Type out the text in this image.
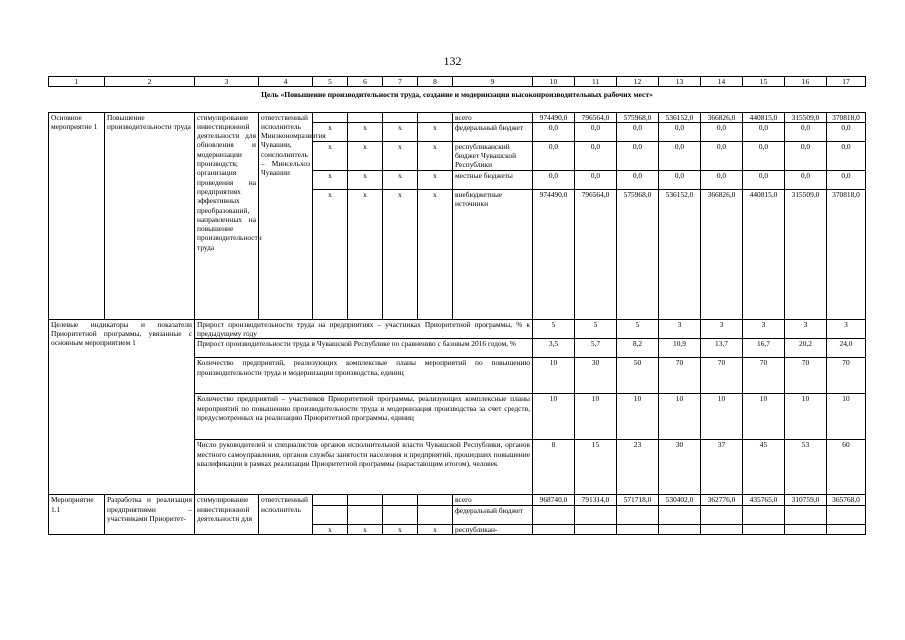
132
1	2	3	4	5	6	7	8	9	10	11	12	13	14	15	16	17
Цель «Повышение производительности труда, создание и модернизация высокопроизводительных рабочих мест»																
Основное мероприятие 1	Повышение производительности труда	стимулирование инвестиционной деятельности для обновления и модернизации производств; организация проведения на предприятиях эффективных преобразований, направленных на повышение производительности труда	ответственный исполнитель Минэкономразвития Чувашии, соисполнитель – Минсельхоз Чувашии					всего	974490,0	796564,0	575968,0	536152,0	366826,0	440815,0	315509,0	370818,0
				x	x	x	x	федеральный бюджет	0,0	0,0	0,0	0,0	0,0	0,0	0,0	0,0
				x	x	x	x	республиканский бюджет Чувашской Республики	0,0	0,0	0,0	0,0	0,0	0,0	0,0	0,0
				x	x	x	x	местные бюджеты	0,0	0,0	0,0	0,0	0,0	0,0	0,0	0,0
				x	x	x	x	внебюджетные источники	974490,0	796564,0	575968,0	536152,0	366826,0	440815,0	315509,0	370818,0
Целевые индикаторы и показатели Приоритетной программы, увязанные с основным мероприятием 1		Прирост производительности труда на предприятиях – участниках Приоритетной программы, % к предыдущему году							5	5	5	3	3	3	3	3
		Прирост производительности труда в Чувашской Республике по сравнению с базовым 2016 годом, %							3,5	5,7	8,2	10,9	13,7	16,7	20,2	24,0
		Количество предприятий, реализующих комплексные планы мероприятий по повышению производительности труда и модернизации производства, единиц							10	30	50	70	70	70	70	70
		Количество предприятий – участников Приоритетной программы, реализующих комплексные планы мероприятий по повышению производительности труда и модернизация производства за счет средств, предусмотренных на реализацию Приоритетной программы, единиц							10	10	10	10	10	10	10	10
		Число руководителей и специалистов органов исполнительной власти Чувашской Республики, органов местного самоуправления, органов службы занятости населения и предприятий, прошедших повышение квалификации в рамках реализации Приоритетной программы (нарастающим итогом), человек							8	15	23	30	37	45	53	60
Мероприятие 1.1	Разработка и реализация предприятиями – участниками Приоритет-	стимулирование инвестиционной деятельности для	ответственный исполнитель					всего	968740,0	791314,0	571718,0	530402,0	362776,0	435765,0	310759,0	365768,0
								федеральный бюджет								
				x	x	x	x	республикан-								
